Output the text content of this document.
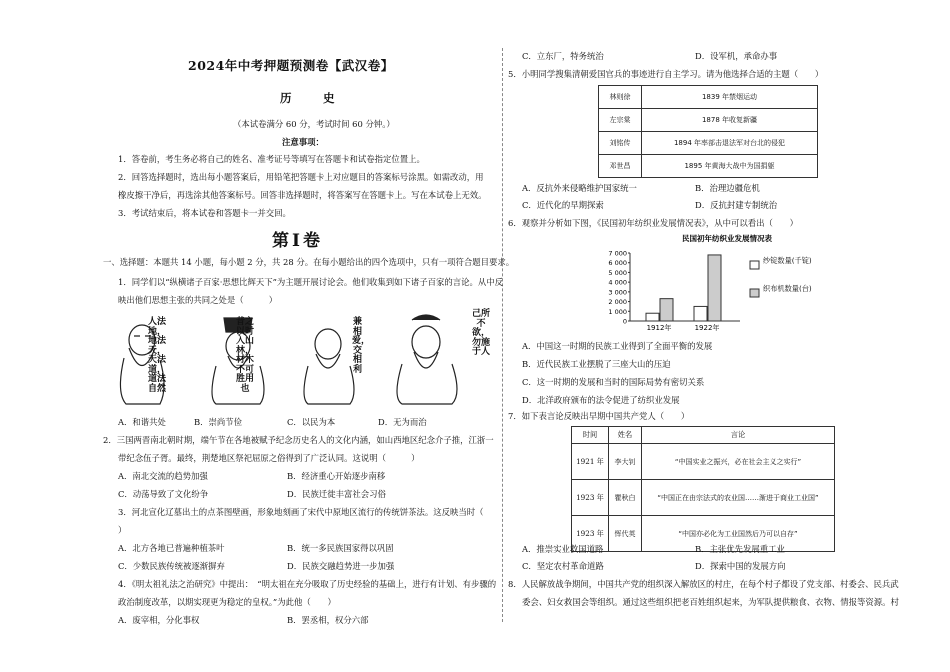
2024年中考押题预测卷【武汉卷】
历　史
（本试卷满分 60 分，考试时间 60 分钟。）
注意事项：
1．答卷前，考生务必将自己的姓名、准考证号等填写在答题卡和试卷指定位置上。
2．回答选择题时，选出每小题答案后，用铅笔把答题卡上对应题目的答案标号涂黑。如需改动，用
橡皮擦干净后，再选涂其他答案标号。回答非选择题时，将答案写在答题卡上。写在本试卷上无效。
3．考试结束后，将本试卷和答题卡一并交回。
第Ⅰ卷
一、选择题：本题共 14 小题，每小题 2 分，共 28 分。在每小题给出的四个选项中，只有一项符合题目要求。
1．同学们以“纵横诸子百家·思想比辉天下”为主题开展讨论会。他们收集到如下诸子百家的言论。从中反
映出他们思想主张的共同之处是（　　　）
人法地，地法天，天法道，道法自然
昔之以时入山林，材木不可胜用也
兼相爱，交相利
己所不欲，勿施于人
A．和谐共处	B．崇尚节俭	C．以民为本	D．无为而治
2．三国两晋南北朝时期，端午节在各地被赋予纪念历史名人的文化内涵，如山西地区纪念介子推，江浙一
带纪念伍子胥。最终，荆楚地区祭祀屈原之俗得到了广泛认同。这说明（　　　）
A．南北交流的趋势加强	B．经济重心开始逐步南移
C．动荡导致了文化纷争	D．民族迁徙丰富社会习俗
3．河北宣化辽墓出土的点茶图壁画，形象地刻画了宋代中原地区流行的传统饼茶法。这反映当时（
）
A．北方各地已普遍种植茶叶	B．统一多民族国家得以巩固
C．少数民族传统被逐渐摒弃	D．民族交融趋势进一步加强
4．《明太祖礼法之治研究》中提出：　“明太祖在充分吸取了历史经验的基础上，进行有计划、有步骤的
政治制度改革，以期实现更为稳定的皇权。”为此他（　　）
A．废宰相，分化事权	B．罢丞相，权分六部
C．立东厂，特务统治	D．设军机，承命办事
5．小明同学搜集清朝爱国官兵的事迹进行自主学习。请为他选择合适的主题（　　）
林则徐	1839 年禁烟运动
左宗棠	1878 年收复新疆
刘铭传	1894 年率部击退法军对台北的侵犯
邓世昌	1895 年黄海大战中为国捐躯
A．反抗外来侵略维护国家统一	B．治理边疆危机
C．近代化的早期探索	D．反抗封建专制统治
6．观察并分析如下图，《民国初年纺织业发展情况表》，从中可以看出（　　）
民国初年纺织业发展情况表
7 000
6 000
5 000
4 000
3 000
2 000
1 000
0
1912年	1922年
纱锭数量(千锭)
织布机数量(台)
A．中国这一时期的民族工业得到了全面平衡的发展
B．近代民族工业摆脱了三座大山的压迫
C．这一时期的发展和当时的国际局势有密切关系
D．北洋政府颁布的法令促进了纺织业发展
7．如下表言论反映出早期中国共产党人（　　）
时间	姓名	言论
1921 年	李大钊	“中国实业之振兴，必在社会主义之实行”
1923 年	瞿秋白	“中国正在由宗法式的农业国……渐进于商业工业国”
1923 年	恽代英	“中国亦必化为工业国然后乃可以自存”
A．推崇实业救国道路	B．主张优先发展重工业
C．坚定农村革命道路	D．探索中国的发展方向
8．人民解放战争期间，中国共产党的组织深入解放区的村庄，在每个村子都设了党支部、村委会、民兵武
委会、妇女救国会等组织。通过这些组织把老百姓组织起来，为军队提供粮食、衣物、情报等资源。村
